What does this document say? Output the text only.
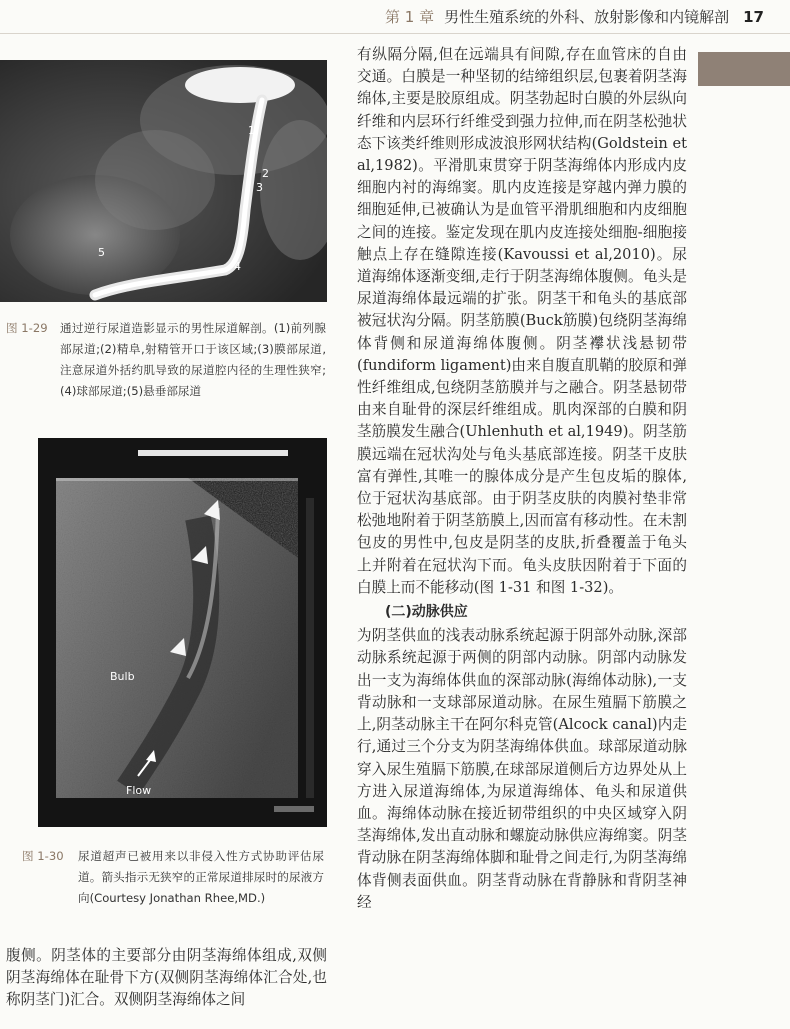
第 1 章 男性生殖系统的外科、放射影像和内镜解剖 17
1
2
3
4
5
图 1-29 通过逆行尿道造影显示的男性尿道解剖。(1)前列腺部尿道;(2)精阜,射精管开口于该区域;(3)膜部尿道,注意尿道外括约肌导致的尿道腔内径的生理性狭窄;(4)球部尿道;(5)悬垂部尿道
Bulb
Flow
图 1-30 尿道超声已被用来以非侵入性方式协助评估尿道。箭头指示无狭窄的正常尿道排尿时的尿液方向(Courtesy Jonathan Rhee,MD.)

有纵隔分隔,但在远端具有间隙,存在血管床的自由交通。白膜是一种坚韧的结缔组织层,包裹着阴茎海绵体,主要是胶原组成。阴茎勃起时白膜的外层纵向纤维和内层环行纤维受到强力拉伸,而在阴茎松弛状态下该类纤维则形成波浪形网状结构(Goldstein et al,1982)。平滑肌束贯穿于阴茎海绵体内形成内皮细胞内衬的海绵窦。肌内皮连接是穿越内弹力膜的细胞延伸,已被确认为是血管平滑肌细胞和内皮细胞之间的连接。鉴定发现在肌内皮连接处细胞-细胞接触点上存在缝隙连接(Kavoussi et al,2010)。尿道海绵体逐渐变细,走行于阴茎海绵体腹侧。龟头是尿道海绵体最远端的扩张。阴茎干和龟头的基底部被冠状沟分隔。阴茎筋膜(Buck筋膜)包绕阴茎海绵体背侧和尿道海绵体腹侧。阴茎襻状浅悬韧带(fundiform ligament)由来自腹直肌鞘的胶原和弹性纤维组成,包绕阴茎筋膜并与之融合。阴茎悬韧带由来自耻骨的深层纤维组成。肌肉深部的白膜和阴茎筋膜发生融合(Uhlenhuth et al,1949)。阴茎筋膜远端在冠状沟处与龟头基底部连接。阴茎干皮肤富有弹性,其唯一的腺体成分是产生包皮垢的腺体,位于冠状沟基底部。由于阴茎皮肤的肉膜衬垫非常松弛地附着于阴茎筋膜上,因而富有移动性。在未割包皮的男性中,包皮是阴茎的皮肤,折叠覆盖于龟头上并附着在冠状沟下而。龟头皮肤因附着于下面的白膜上而不能移动(图 1-31 和图 1-32)。

(二)动脉供应

为阴茎供血的浅表动脉系统起源于阴部外动脉,深部动脉系统起源于两侧的阴部内动脉。阴部内动脉发出一支为海绵体供血的深部动脉(海绵体动脉),一支背动脉和一支球部尿道动脉。在尿生殖膈下筋膜之上,阴茎动脉主干在阿尔科克管(Alcock canal)内走行,通过三个分支为阴茎海绵体供血。球部尿道动脉穿入尿生殖膈下筋膜,在球部尿道侧后方边界处从上方进入尿道海绵体,为尿道海绵体、龟头和尿道供血。海绵体动脉在接近韧带组织的中央区域穿入阴茎海绵体,发出直动脉和螺旋动脉供应海绵窦。阴茎背动脉在阴茎海绵体脚和耻骨之间走行,为阴茎海绵体背侧表面供血。阴茎背动脉在背静脉和背阴茎神经

腹侧。阴茎体的主要部分由阴茎海绵体组成,双侧阴茎海绵体在耻骨下方(双侧阴茎海绵体汇合处,也称阴茎门)汇合。双侧阴茎海绵体之间
